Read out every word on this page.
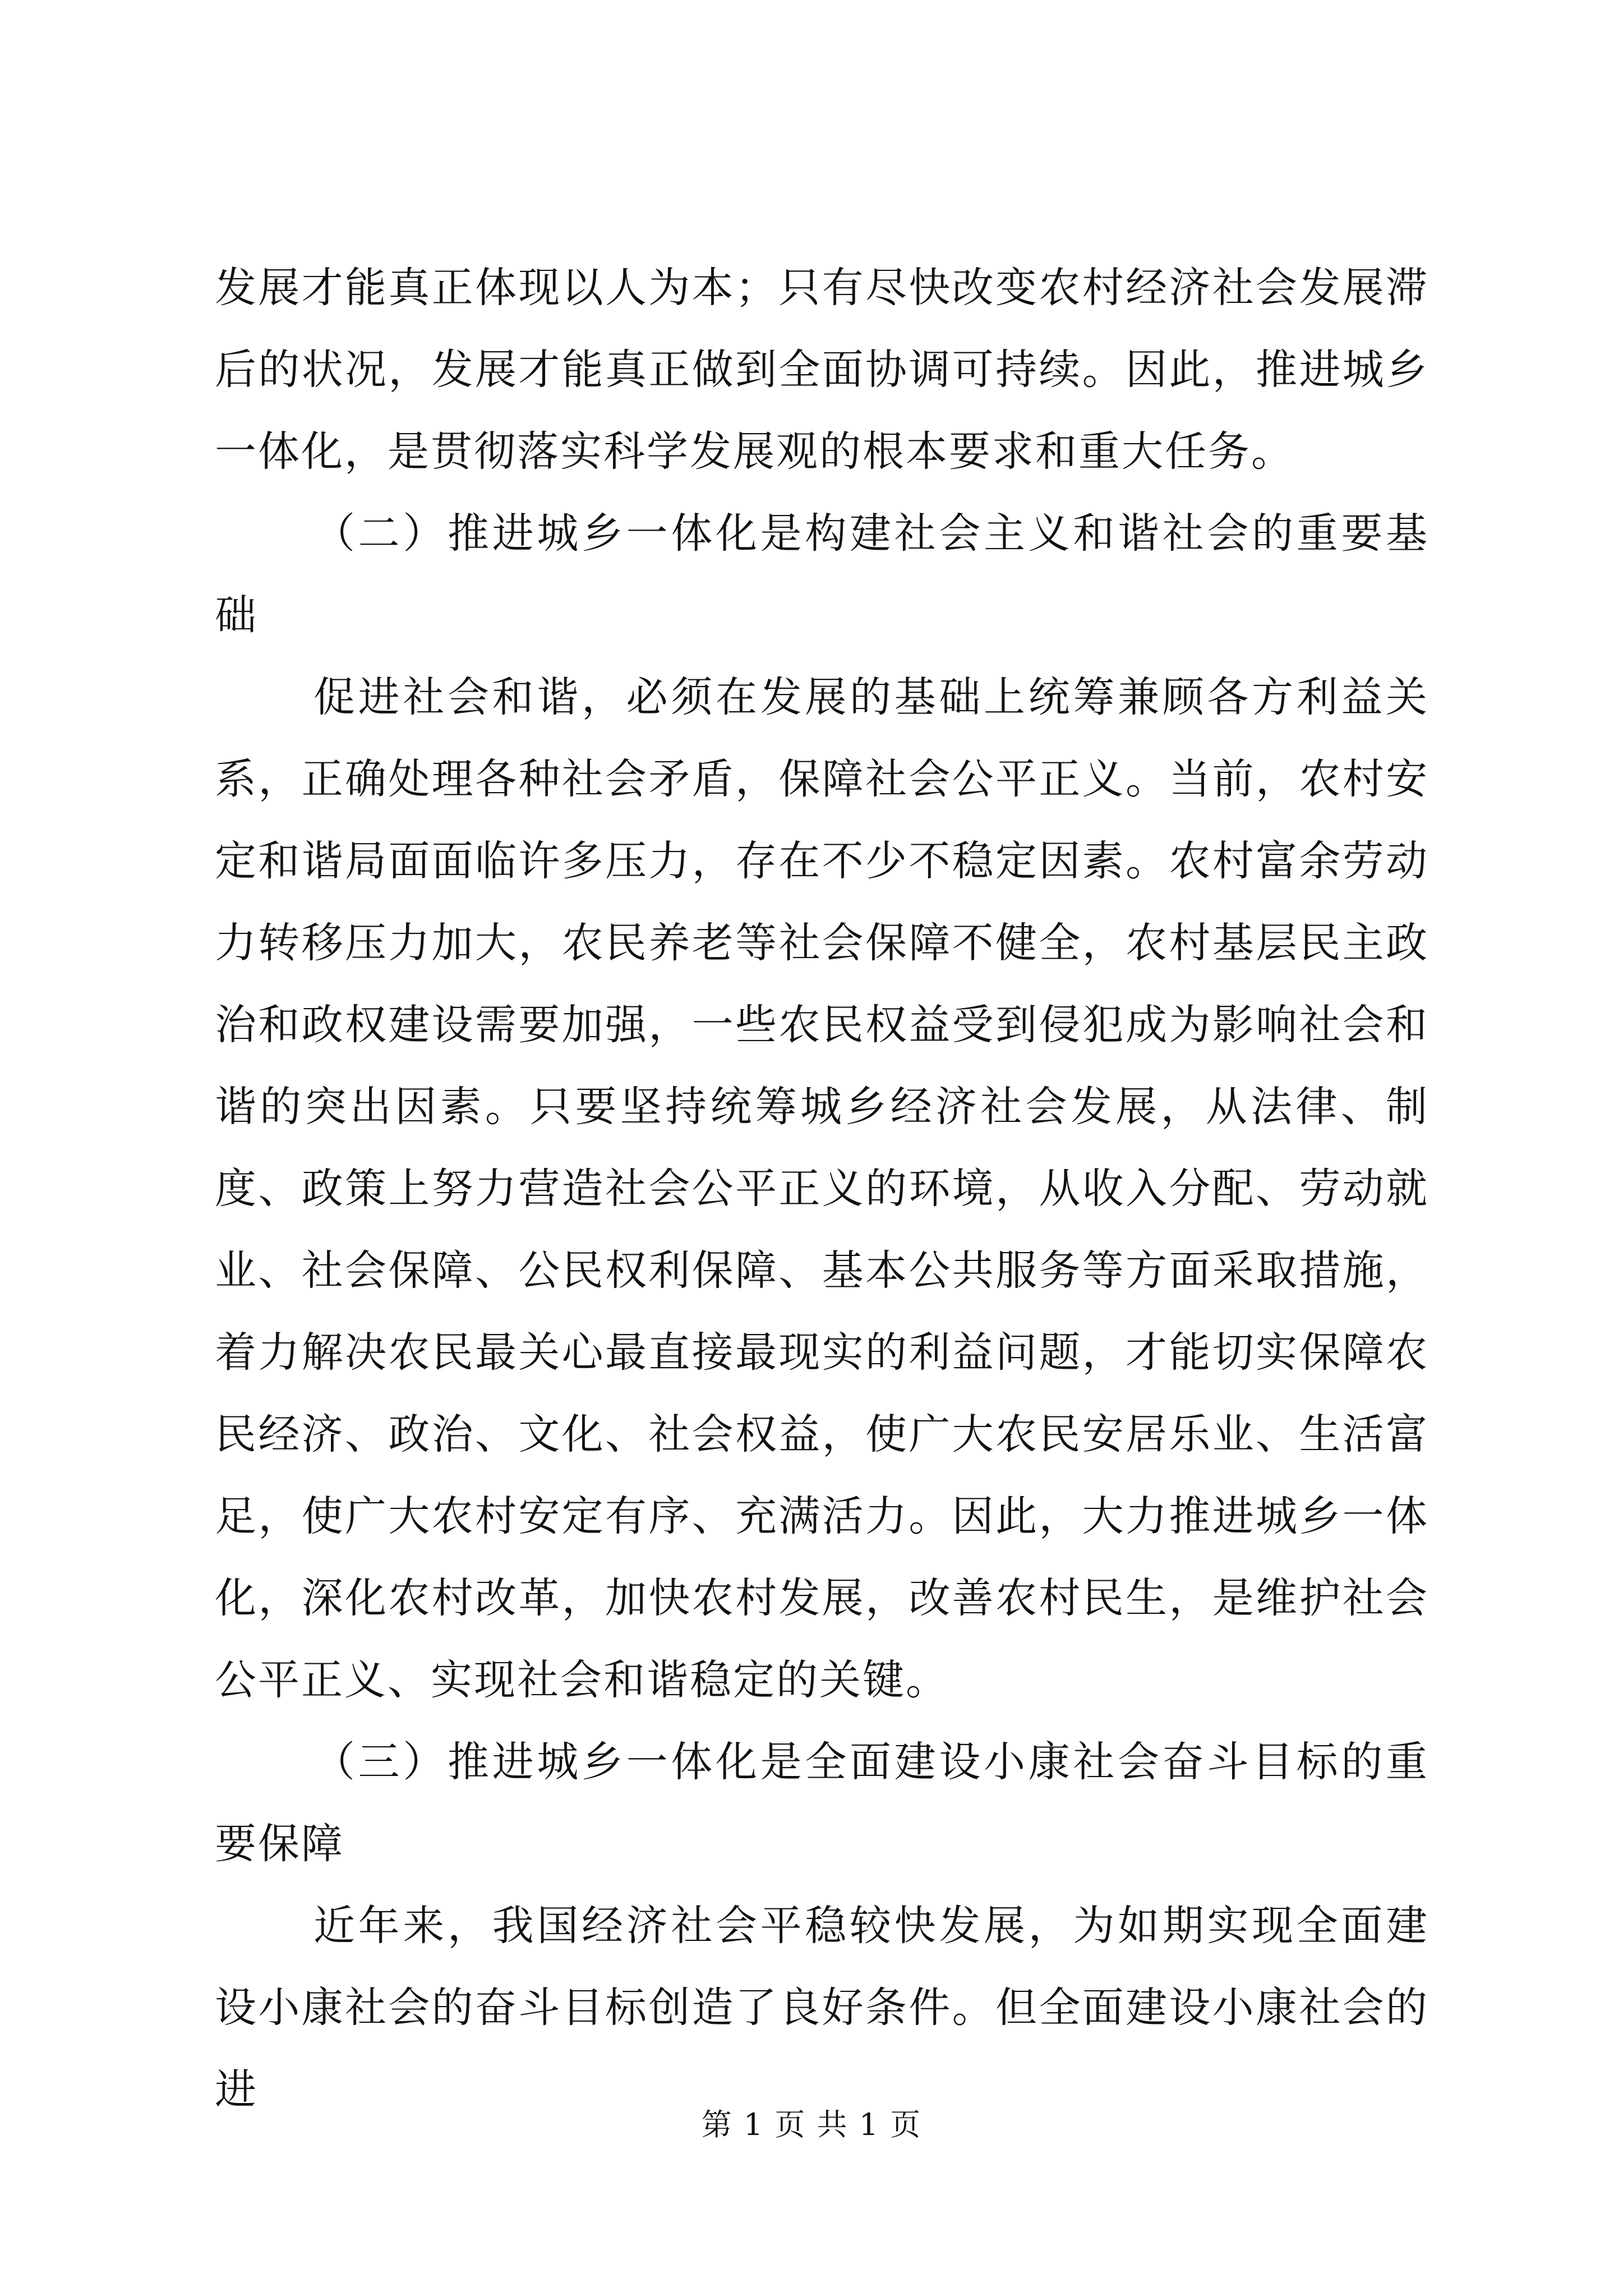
发展才能真正体现以人为本；只有尽快改变农村经济社会发展滞后的状况，发展才能真正做到全面协调可持续。因此，推进城乡一体化，是贯彻落实科学发展观的根本要求和重大任务。

（二）推进城乡一体化是构建社会主义和谐社会的重要基础

促进社会和谐，必须在发展的基础上统筹兼顾各方利益关系，正确处理各种社会矛盾，保障社会公平正义。当前，农村安定和谐局面面临许多压力，存在不少不稳定因素。农村富余劳动力转移压力加大，农民养老等社会保障不健全，农村基层民主政治和政权建设需要加强，一些农民权益受到侵犯成为影响社会和谐的突出因素。只要坚持统筹城乡经济社会发展，从法律、制度、政策上努力营造社会公平正义的环境，从收入分配、劳动就业、社会保障、公民权利保障、基本公共服务等方面采取措施，着力解决农民最关心最直接最现实的利益问题，才能切实保障农民经济、政治、文化、社会权益，使广大农民安居乐业、生活富足，使广大农村安定有序、充满活力。因此，大力推进城乡一体化，深化农村改革，加快农村发展，改善农村民生，是维护社会公平正义、实现社会和谐稳定的关键。

（三）推进城乡一体化是全面建设小康社会奋斗目标的重要保障

近年来，我国经济社会平稳较快发展，为如期实现全面建设小康社会的奋斗目标创造了良好条件。但全面建设小康社会的进

第 1 页 共 1 页
